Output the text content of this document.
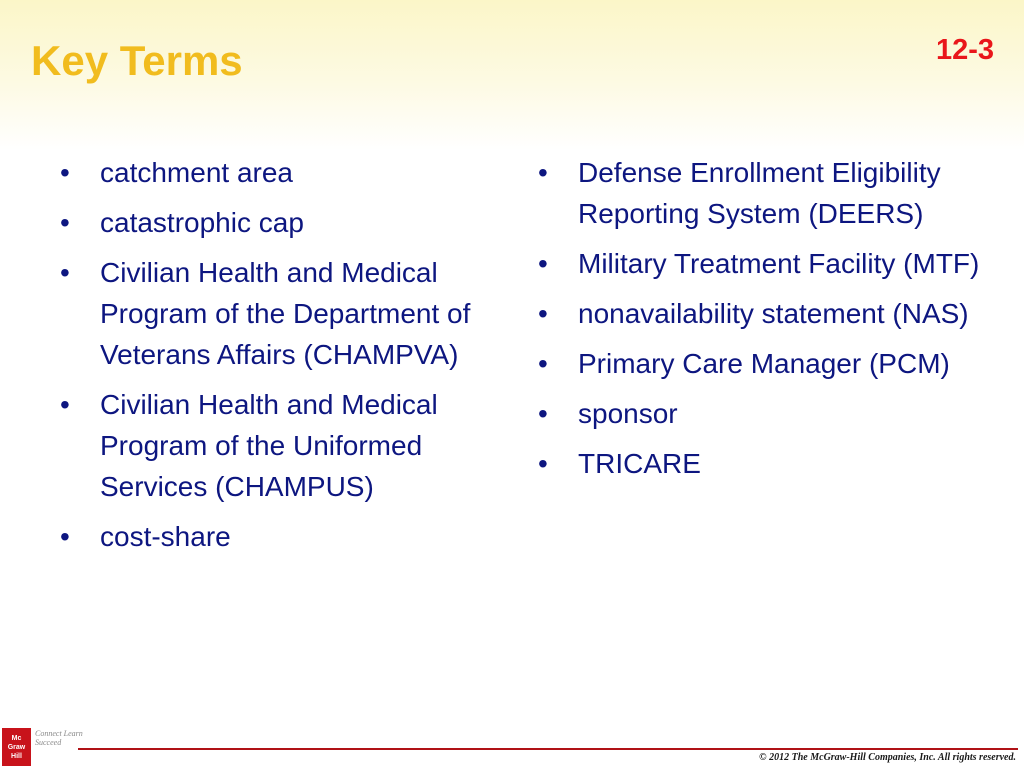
Key Terms	12-3
• catchment area
• catastrophic cap
• Civilian Health and Medical Program of the Department of Veterans Affairs (CHAMPVA)
• Civilian Health and Medical Program of the Uniformed Services (CHAMPUS)
• cost-share
• Defense Enrollment Eligibility Reporting System (DEERS)
• Military Treatment Facility (MTF)
• nonavailability statement (NAS)
• Primary Care Manager (PCM)
• sponsor
• TRICARE
Mc Graw Hill
Connect Learn Succeed
© 2012 The McGraw-Hill Companies, Inc. All rights reserved.
